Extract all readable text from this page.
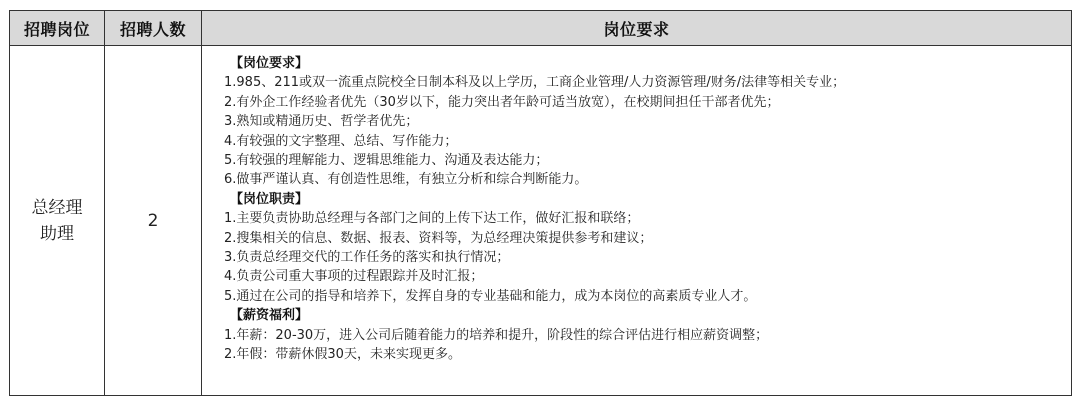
招聘岗位	招聘人数	岗位要求
总经理助理
2
【岗位要求】
1.985、211或双一流重点院校全日制本科及以上学历，工商企业管理/人力资源管理/财务/法律等相关专业；
2.有外企工作经验者优先（30岁以下，能力突出者年龄可适当放宽），在校期间担任干部者优先；
3.熟知或精通历史、哲学者优先；
4.有较强的文字整理、总结、写作能力；
5.有较强的理解能力、逻辑思维能力、沟通及表达能力；
6.做事严谨认真、有创造性思维，有独立分析和综合判断能力。
【岗位职责】
1.主要负责协助总经理与各部门之间的上传下达工作，做好汇报和联络；
2.搜集相关的信息、数据、报表、资料等，为总经理决策提供参考和建议；
3.负责总经理交代的工作任务的落实和执行情况；
4.负责公司重大事项的过程跟踪并及时汇报；
5.通过在公司的指导和培养下，发挥自身的专业基础和能力，成为本岗位的高素质专业人才。
【薪资福利】
1.年薪：20-30万，进入公司后随着能力的培养和提升，阶段性的综合评估进行相应薪资调整；
2.年假：带薪休假30天，未来实现更多。
